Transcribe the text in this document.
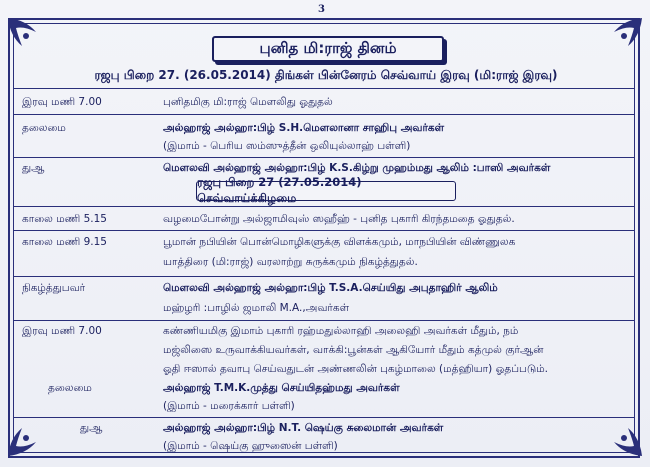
3
புனித மி:ராஜ் தினம்
ரஜபு பிறை 27. (26.05.2014) திங்கள் பின்னேரம் செவ்வாய் இரவு (மி:ராஜ் இரவு)
இரவு மணி 7.00	புனிதமிகு மி:ராஜ் மௌலிது ஓதுதல்
தலைமை	அல்ஹாஜ் அல்ஹா:பிழ் S.H.மௌலானா சாஹிபு அவர்கள்
(இமாம் - பெரிய ஸம்ஸுத்தீன் ஒலியுல்லாஹ் பள்ளி)
துஆ	மௌலவி அல்ஹாஜ் அல்ஹா:பிழ் K.S.கிழ்று முஹம்மது ஆலிம் :பாஸி அவர்கள்
ரஜபு பிறை 27 (27.05.2014) செவ்வாய்க்கிழமை
காலை மணி 5.15	வழமைபோன்று அல்ஜாமிவுஸ் ஸஹீஹ் - புனித புகாரி கிரந்தமதை ஓதுதல்.
காலை மணி 9.15	பூமான் நபியின் பொன்மொழிகளுக்கு விளக்கமும், மாநபியின் விண்ணுலக
யாத்திரை (மி:ராஜ்) வரலாற்று சுருக்கமும் நிகழ்த்துதல்.
நிகழ்த்துபவர்	மௌலவி அல்ஹாஜ் அல்ஹா:பிழ் T.S.A.செய்யிது அபுதாஹிர் ஆலிம்
மஹ்ழரி :பாழில் ஜமாலி M.A.,அவர்கள்
இரவு மணி 7.00	கண்ணியமிகு இமாம் புகாரி ரஹ்மதுல்லாஹி அலைஹி அவர்கள் மீதும், நம்
மஜ்லிஸை உருவாக்கியவர்கள், வாக்கி:பூன்கள் ஆகியோர் மீதும் கத்முல் குர்ஆன்
ஓதி ஈஸால் தவாபு செய்வதுடன் அண்ணலின் புகழ்மாலை (மத்ஹியா) ஓதப்படும்.
தலைமை	அல்ஹாஜ் T.M.K.முத்து செய்யிதஹ்மது அவர்கள்
(இமாம் - மரைக்கார் பள்ளி)
துஆ	அல்ஹாஜ் அல்ஹா:பிழ் N.T. ஷெய்கு சுலைமான் அவர்கள்
(இமாம் - ஷெய்கு ஹுஸைன் பள்ளி)
